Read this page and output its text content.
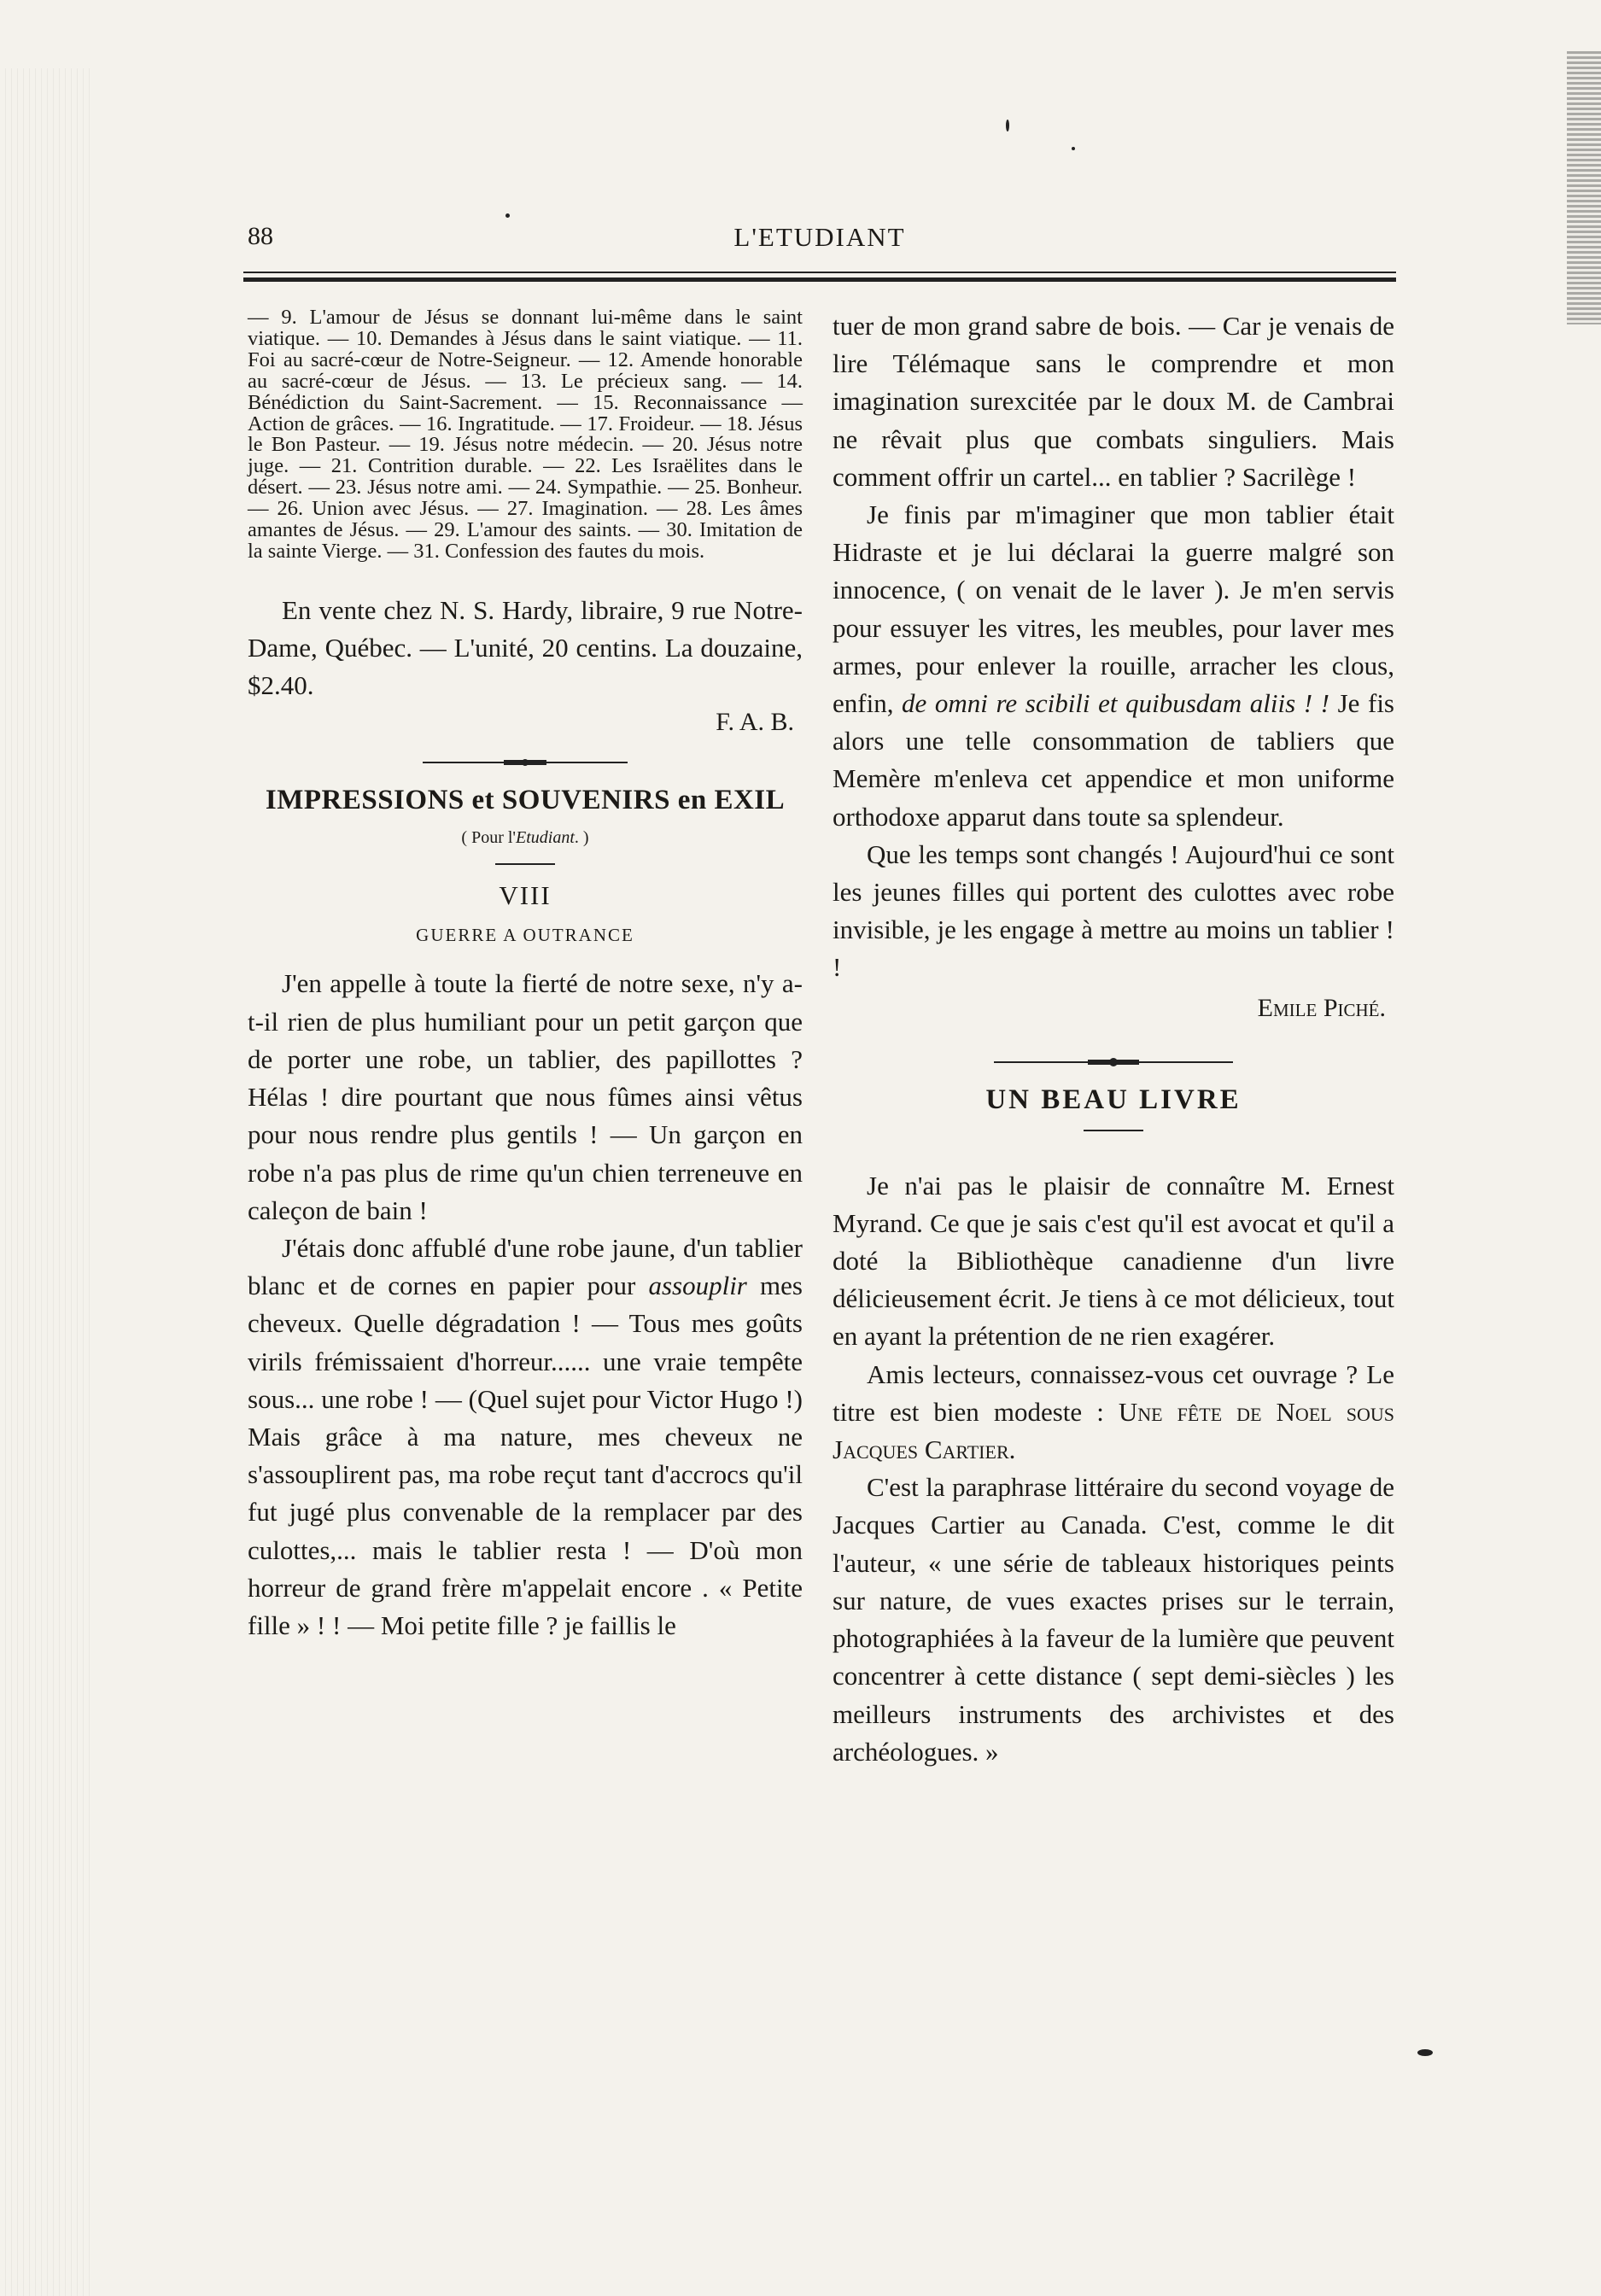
88	L'ETUDIANT

— 9. L'amour de Jésus se donnant lui-même dans le saint viatique. — 10. Demandes à Jésus dans le saint viatique. — 11. Foi au sacré-cœur de Notre-Seigneur. — 12. Amende honorable au sacré-cœur de Jésus. — 13. Le précieux sang. — 14. Bénédiction du Saint-Sacrement. — 15. Reconnaissance — Action de grâces. — 16. Ingratitude. — 17. Froideur. — 18. Jésus le Bon Pasteur. — 19. Jésus notre médecin. — 20. Jésus notre juge. — 21. Contrition durable. — 22. Les Israëlites dans le désert. — 23. Jésus notre ami. — 24. Sympathie. — 25. Bonheur. — 26. Union avec Jésus. — 27. Imagination. — 28. Les âmes amantes de Jésus. — 29. L'amour des saints. — 30. Imitation de la sainte Vierge. — 31. Confession des fautes du mois.

En vente chez N. S. Hardy, libraire, 9 rue Notre-Dame, Québec. — L'unité, 20 centins. La douzaine, $2.40.

F. A. B.

IMPRESSIONS et SOUVENIRS en EXIL

( Pour l'Etudiant. )

VIII

GUERRE A OUTRANCE

J'en appelle à toute la fierté de notre sexe, n'y a-t-il rien de plus humiliant pour un petit garçon que de porter une robe, un tablier, des papillottes ? Hélas ! dire pourtant que nous fûmes ainsi vêtus pour nous rendre plus gentils ! — Un garçon en robe n'a pas plus de rime qu'un chien terreneuve en caleçon de bain !

J'étais donc affublé d'une robe jaune, d'un tablier blanc et de cornes en papier pour assouplir mes cheveux. Quelle dégradation ! — Tous mes goûts virils frémissaient d'horreur...... une vraie tempête sous... une robe ! — (Quel sujet pour Victor Hugo !) Mais grâce à ma nature, mes cheveux ne s'assouplirent pas, ma robe reçut tant d'accrocs qu'il fut jugé plus convenable de la remplacer par des culottes,... mais le tablier resta ! — D'où mon horreur de grand frère m'appelait encore . « Petite fille » ! ! — Moi petite fille ? je faillis le

tuer de mon grand sabre de bois. — Car je venais de lire Télémaque sans le comprendre et mon imagination surexcitée par le doux M. de Cambrai ne rêvait plus que combats singuliers. Mais comment offrir un cartel... en tablier ? Sacrilège !

Je finis par m'imaginer que mon tablier était Hidraste et je lui déclarai la guerre malgré son innocence, ( on venait de le laver ). Je m'en servis pour essuyer les vitres, les meubles, pour laver mes armes, pour enlever la rouille, arracher les clous, enfin, de omni re scibili et quibusdam aliis ! ! Je fis alors une telle consommation de tabliers que Memère m'enleva cet appendice et mon uniforme orthodoxe apparut dans toute sa splendeur.

Que les temps sont changés ! Aujourd'hui ce sont les jeunes filles qui portent des culottes avec robe invisible, je les engage à mettre au moins un tablier ! !

Emile Piché.

UN BEAU LIVRE

Je n'ai pas le plaisir de connaître M. Ernest Myrand. Ce que je sais c'est qu'il est avocat et qu'il a doté la Bibliothèque canadienne d'un livre délicieusement écrit. Je tiens à ce mot délicieux, tout en ayant la prétention de ne rien exagérer.

Amis lecteurs, connaissez-vous cet ouvrage ? Le titre est bien modeste : Une fête de Noel sous Jacques Cartier.

C'est la paraphrase littéraire du second voyage de Jacques Cartier au Canada. C'est, comme le dit l'auteur, « une série de tableaux historiques peints sur nature, de vues exactes prises sur le terrain, photographiées à la faveur de la lumière que peuvent concentrer à cette distance ( sept demi-siècles ) les meilleurs instruments des archivistes et des archéologues. »
